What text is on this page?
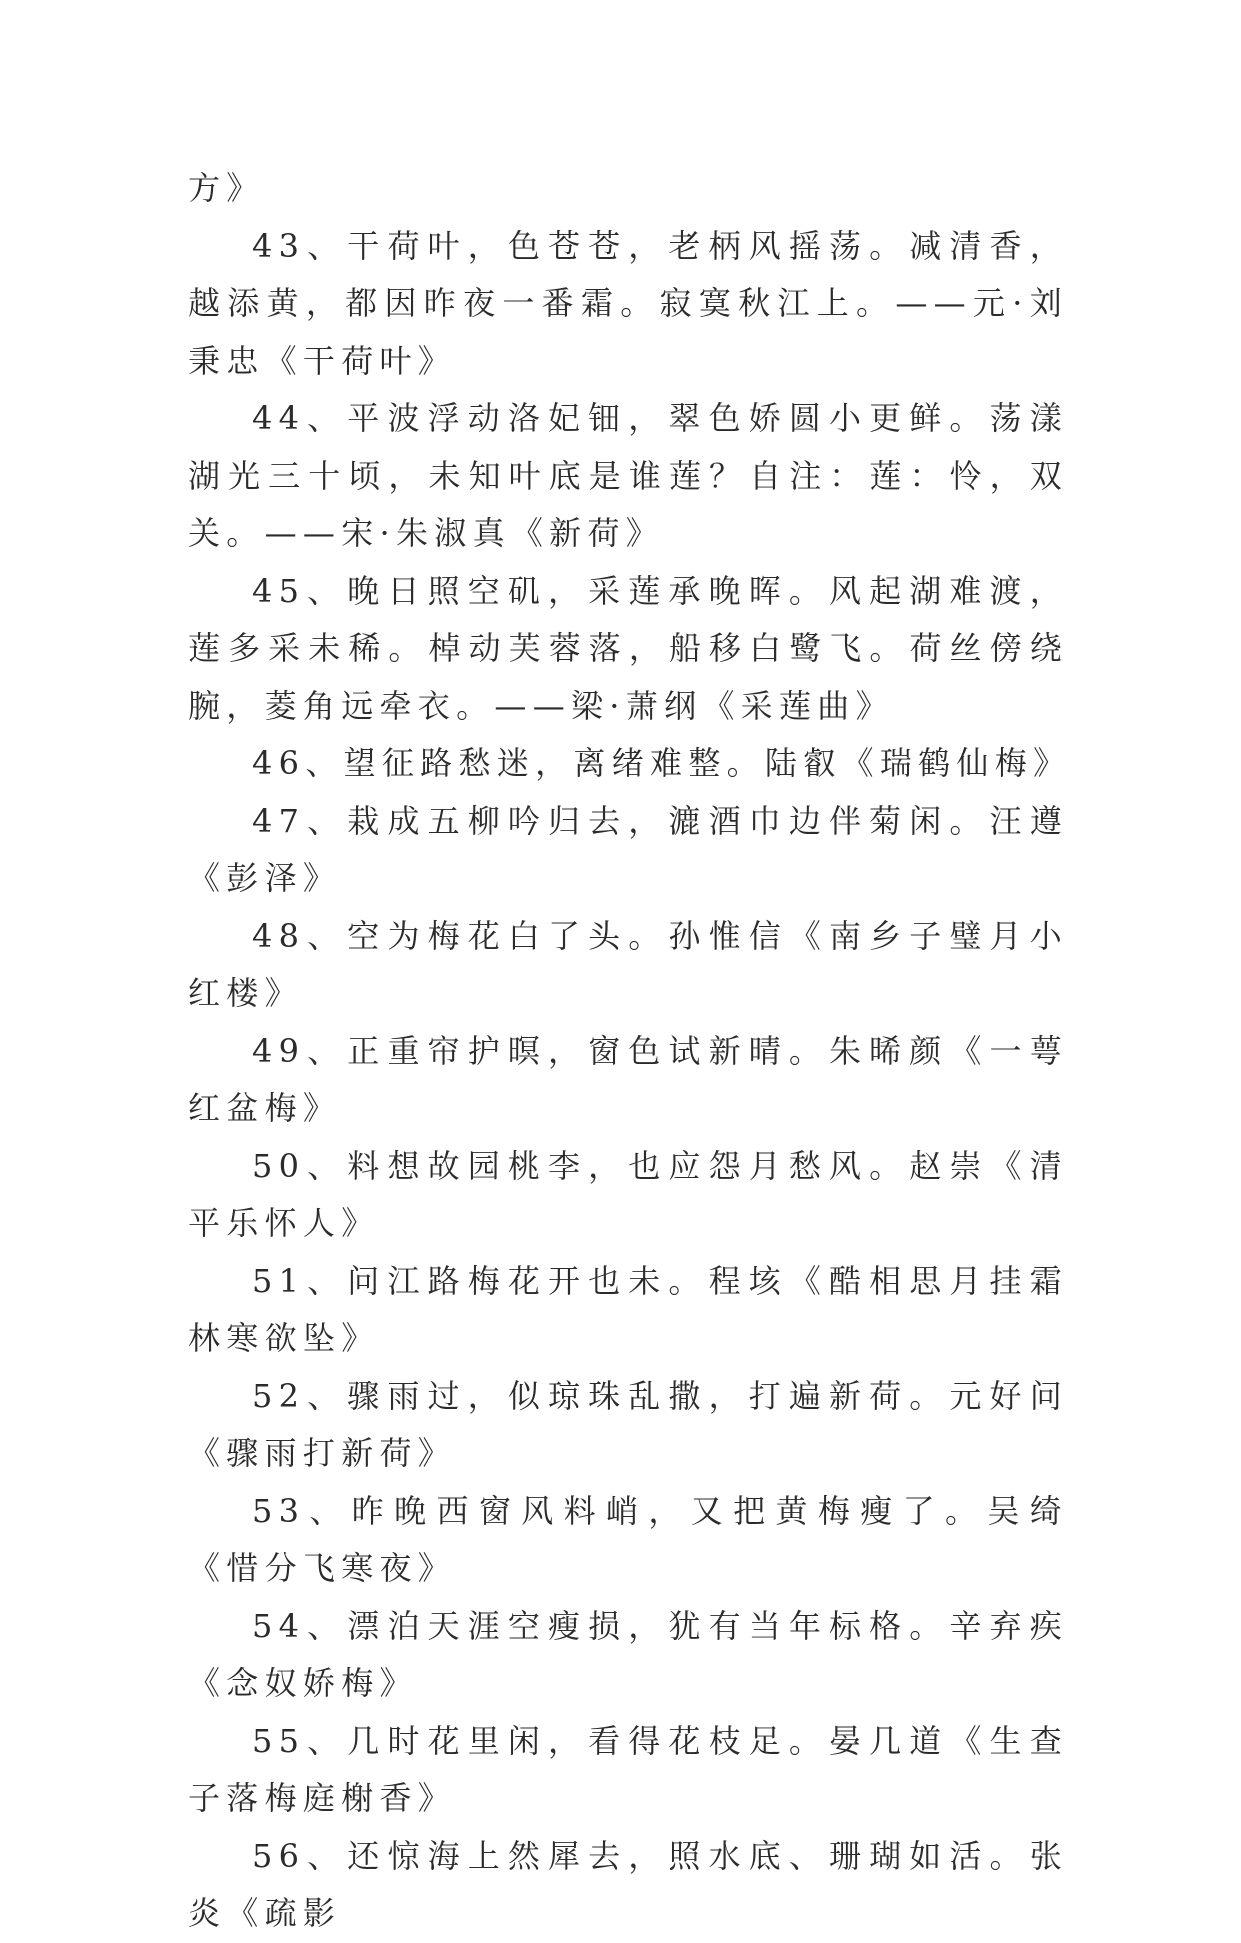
方》

43、干荷叶，色苍苍，老柄风摇荡。减清香，越添黄，都因昨夜一番霜。寂寞秋江上。——元·刘秉忠《干荷叶》

44、平波浮动洛妃钿，翠色娇圆小更鲜。荡漾湖光三十顷，未知叶底是谁莲？自注：莲：怜，双关。——宋·朱淑真《新荷》

45、晚日照空矶，采莲承晚晖。风起湖难渡，莲多采未稀。棹动芙蓉落，船移白鹭飞。荷丝傍绕腕，菱角远牵衣。——梁·萧纲《采莲曲》

46、望征路愁迷，离绪难整。陆叡《瑞鹤仙梅》

47、栽成五柳吟归去，漉酒巾边伴菊闲。汪遵《彭泽》

48、空为梅花白了头。孙惟信《南乡子璧月小红楼》

49、正重帘护暝，窗色试新晴。朱晞颜《一萼红盆梅》

50、料想故园桃李，也应怨月愁风。赵崇《清平乐怀人》

51、问江路梅花开也未。程垓《酷相思月挂霜林寒欲坠》

52、骤雨过，似琼珠乱撒，打遍新荷。元好问《骤雨打新荷》

53、昨晚西窗风料峭，又把黄梅瘦了。吴绮《惜分飞寒夜》

54、漂泊天涯空瘦损，犹有当年标格。辛弃疾《念奴娇梅》

55、几时花里闲，看得花枝足。晏几道《生查子落梅庭榭香》

56、还惊海上然犀去，照水底、珊瑚如活。张炎《疏影
